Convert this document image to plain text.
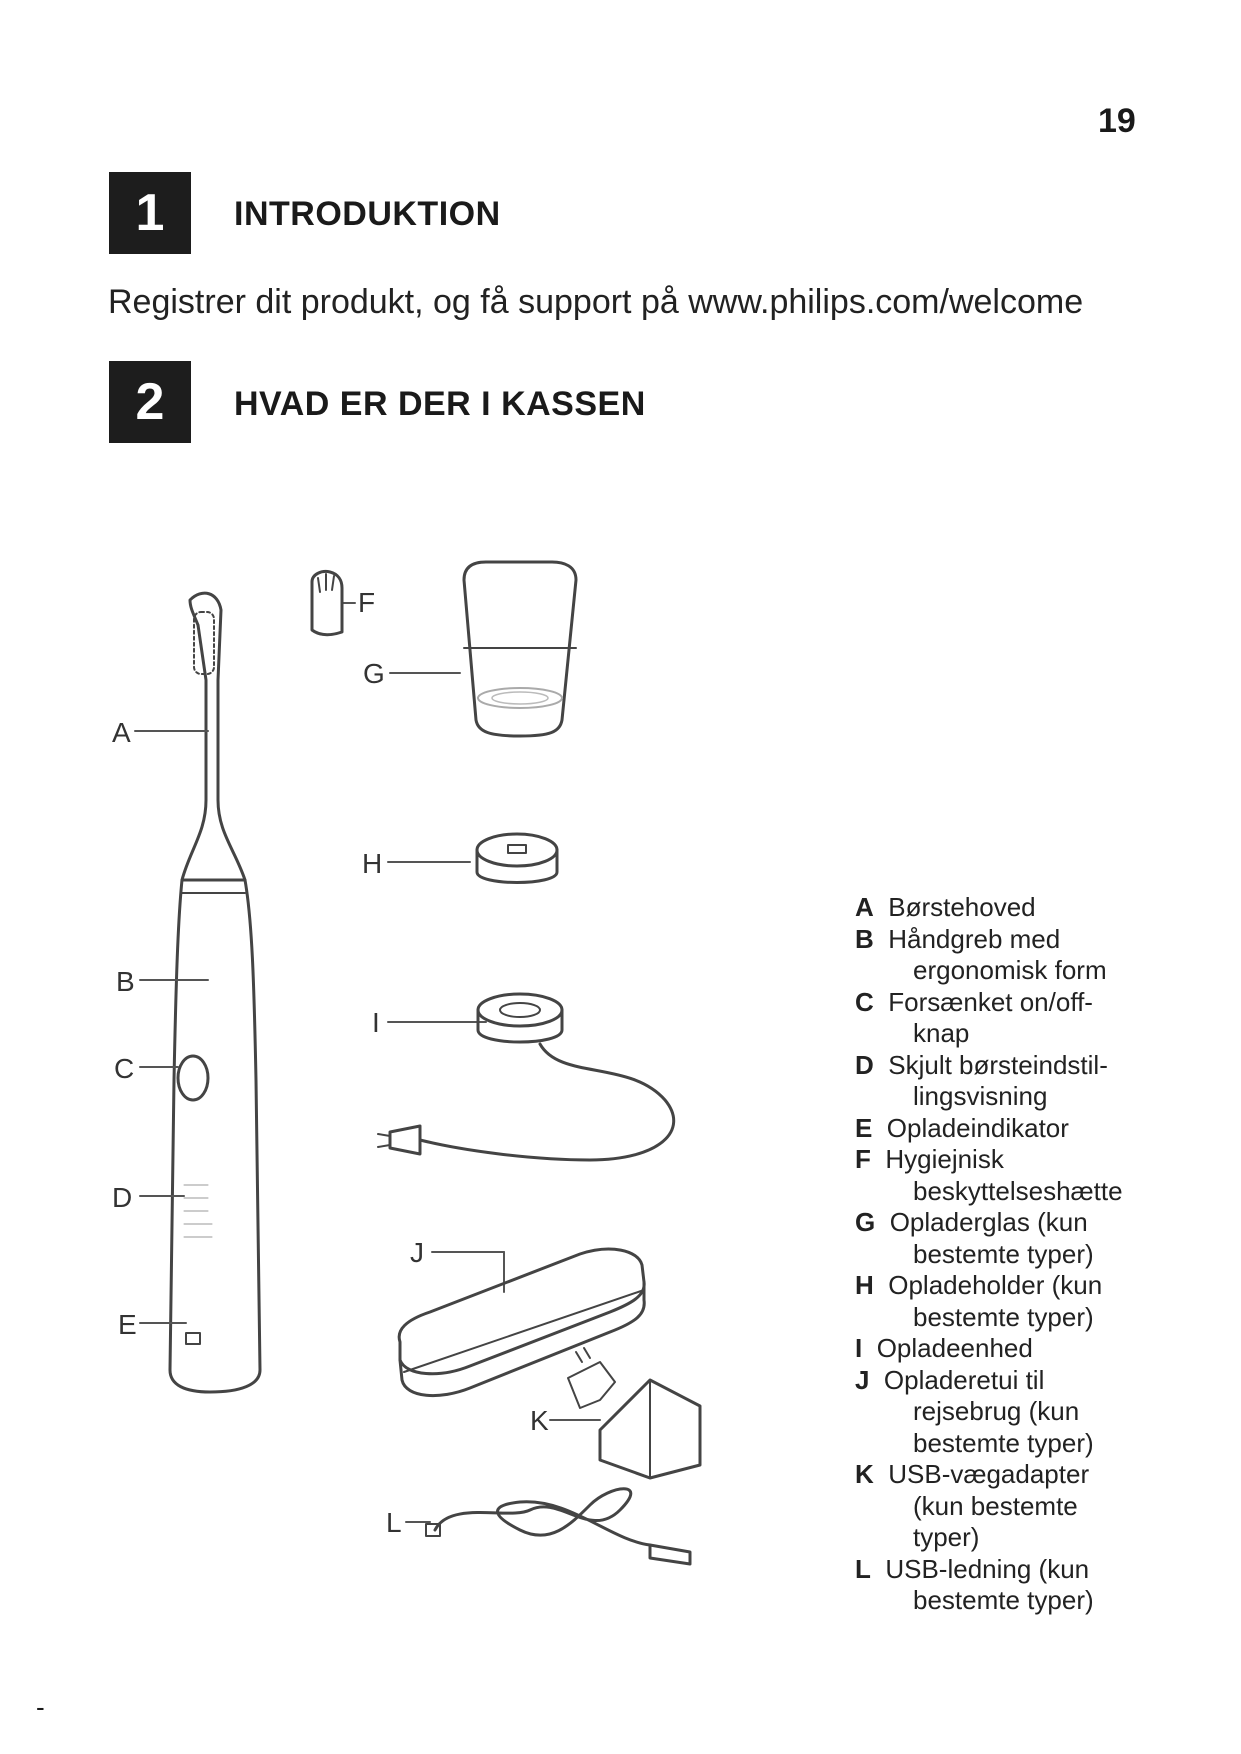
19
1	INTRODUKTION
Registrer dit produkt, og få support på www.philips.com/welcome
2	HVAD ER DER I KASSEN
A
B
C
D
E
F
G
H
I
J
K
L
A Børstehoved
B Håndgreb med
ergonomisk form
C Forsænket on/off-
knap
D Skjult børsteindstil-
lingsvisning
E Opladeindikator
F Hygiejnisk
beskyttelseshætte
G Opladerglas (kun
bestemte typer)
H Opladeholder (kun
bestemte typer)
I Opladeenhed
J Opladeretui til
rejsebrug (kun
bestemte typer)
K USB-vægadapter
(kun bestemte
typer)
L USB-ledning (kun
bestemte typer)
-
